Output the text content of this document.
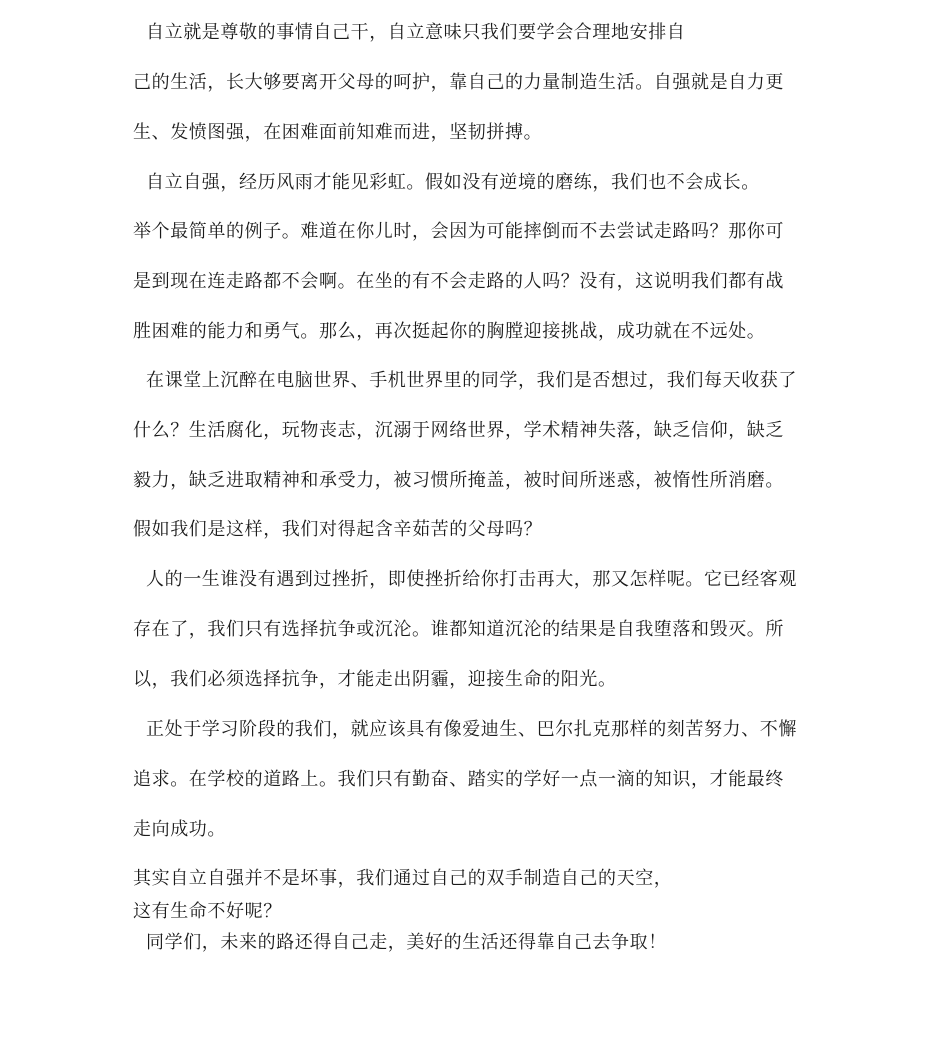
自立就是尊敬的事情自己干，自立意味只我们要学会合理地安排自
己的生活，长大够要离开父母的呵护，靠自己的力量制造生活。自强就是自力更
生、发愤图强，在困难面前知难而进，坚韧拼搏。
自立自强，经历风雨才能见彩虹。假如没有逆境的磨练，我们也不会成长。
举个最简单的例子。难道在你儿时，会因为可能摔倒而不去尝试走路吗？那你可
是到现在连走路都不会啊。在坐的有不会走路的人吗？没有，这说明我们都有战
胜困难的能力和勇气。那么，再次挺起你的胸膛迎接挑战，成功就在不远处。
在课堂上沉醉在电脑世界、手机世界里的同学，我们是否想过，我们每天收获了
什么？生活腐化，玩物丧志，沉溺于网络世界，学术精神失落，缺乏信仰，缺乏
毅力，缺乏进取精神和承受力，被习惯所掩盖，被时间所迷惑，被惰性所消磨。
假如我们是这样，我们对得起含辛茹苦的父母吗？
人的一生谁没有遇到过挫折，即使挫折给你打击再大，那又怎样呢。它已经客观
存在了，我们只有选择抗争或沉沦。谁都知道沉沦的结果是自我堕落和毁灭。所
以，我们必须选择抗争，才能走出阴霾，迎接生命的阳光。
正处于学习阶段的我们，就应该具有像爱迪生、巴尔扎克那样的刻苦努力、不懈
追求。在学校的道路上。我们只有勤奋、踏实的学好一点一滴的知识，才能最终
走向成功。
其实自立自强并不是坏事，我们通过自己的双手制造自己的天空，
这有生命不好呢？
同学们，未来的路还得自己走，美好的生活还得靠自己去争取！
